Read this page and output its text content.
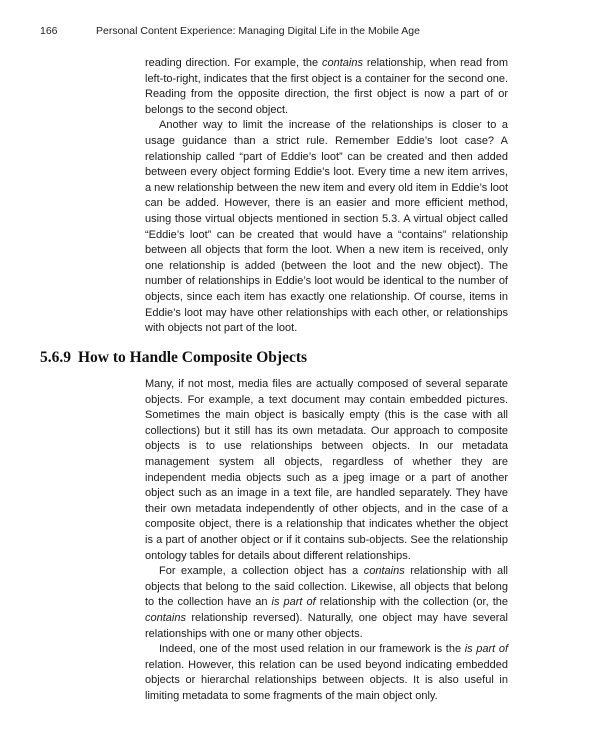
166	Personal Content Experience: Managing Digital Life in the Mobile Age

reading direction. For example, the contains relationship, when read from left-to-right, indicates that the first object is a container for the second one. Reading from the opposite direction, the first object is now a part of or belongs to the second object.

Another way to limit the increase of the relationships is closer to a usage guidance than a strict rule. Remember Eddie’s loot case? A relationship called “part of Eddie’s loot” can be created and then added between every object forming Eddie’s loot. Every time a new item arrives, a new relationship between the new item and every old item in Eddie’s loot can be added. However, there is an easier and more efficient method, using those virtual objects mentioned in section 5.3. A virtual object called “Eddie’s loot” can be created that would have a “contains” relationship between all objects that form the loot. When a new item is received, only one relationship is added (between the loot and the new object). The number of relationships in Eddie’s loot would be identical to the number of objects, since each item has exactly one relationship. Of course, items in Eddie’s loot may have other relationships with each other, or relationships with objects not part of the loot.

5.6.9 How to Handle Composite Objects

Many, if not most, media files are actually composed of several separate objects. For example, a text document may contain embedded pictures. Sometimes the main object is basically empty (this is the case with all collections) but it still has its own metadata. Our approach to composite objects is to use relationships between objects. In our metadata management system all objects, regardless of whether they are independent media objects such as a jpeg image or a part of another object such as an image in a text file, are handled separately. They have their own metadata independently of other objects, and in the case of a composite object, there is a relationship that indicates whether the object is a part of another object or if it contains sub-objects. See the relationship ontology tables for details about different relationships.

For example, a collection object has a contains relationship with all objects that belong to the said collection. Likewise, all objects that belong to the collection have an is part of relationship with the collection (or, the contains relationship reversed). Naturally, one object may have several relationships with one or many other objects.

Indeed, one of the most used relation in our framework is the is part of relation. However, this relation can be used beyond indicating embedded objects or hierarchal relationships between objects. It is also useful in limiting metadata to some fragments of the main object only.
